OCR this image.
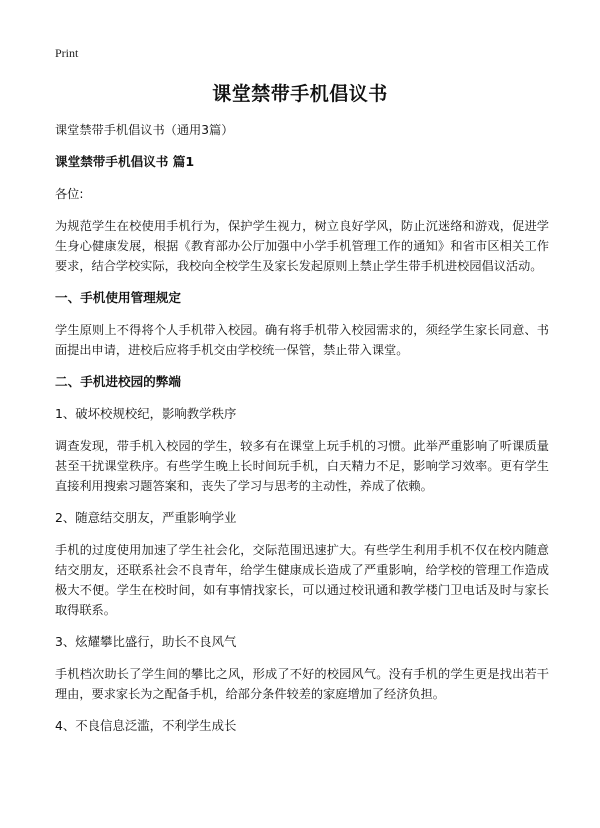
Print
课堂禁带手机倡议书

课堂禁带手机倡议书（通用3篇）

课堂禁带手机倡议书 篇1

各位:

为规范学生在校使用手机行为，保护学生视力，树立良好学风，防止沉迷络和游戏，促进学生身心健康发展，根据《教育部办公厅加强中小学手机管理工作的通知》和省市区相关工作要求，结合学校实际，我校向全校学生及家长发起原则上禁止学生带手机进校园倡议活动。

一、手机使用管理规定

学生原则上不得将个人手机带入校园。确有将手机带入校园需求的，须经学生家长同意、书面提出申请，进校后应将手机交由学校统一保管，禁止带入课堂。

二、手机进校园的弊端

1、破坏校规校纪，影响教学秩序

调查发现，带手机入校园的学生，较多有在课堂上玩手机的习惯。此举严重影响了听课质量甚至干扰课堂秩序。有些学生晚上长时间玩手机，白天精力不足，影响学习效率。更有学生直接利用搜索习题答案和，丧失了学习与思考的主动性，养成了依赖。

2、随意结交朋友，严重影响学业

手机的过度使用加速了学生社会化，交际范围迅速扩大。有些学生利用手机不仅在校内随意结交朋友，还联系社会不良青年，给学生健康成长造成了严重影响，给学校的管理工作造成极大不便。学生在校时间，如有事情找家长，可以通过校讯通和教学楼门卫电话及时与家长取得联系。

3、炫耀攀比盛行，助长不良风气

手机档次助长了学生间的攀比之风，形成了不好的校园风气。没有手机的学生更是找出若干理由，要求家长为之配备手机，给部分条件较差的家庭增加了经济负担。

4、不良信息泛滥，不利学生成长
